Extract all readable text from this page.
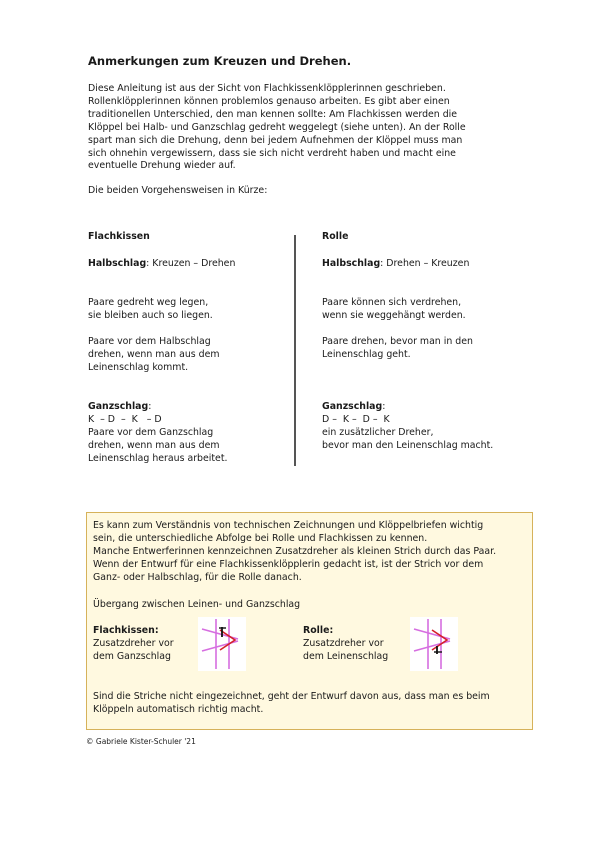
Anmerkungen zum Kreuzen und Drehen.
Diese Anleitung ist aus der Sicht von Flachkissenklöpplerinnen geschrieben.
Rollenklöpplerinnen können problemlos genauso arbeiten. Es gibt aber einen
traditionellen Unterschied, den man kennen sollte: Am Flachkissen werden die
Klöppel bei Halb- und Ganzschlag gedreht weggelegt (siehe unten). An der Rolle
spart man sich die Drehung, denn bei jedem Aufnehmen der Klöppel muss man
sich ohnehin vergewissern, dass sie sich nicht verdreht haben und macht eine
eventuelle Drehung wieder auf.

Die beiden Vorgehensweisen in Kürze:

Flachkissen
Halbschlag: Kreuzen – Drehen
Paare gedreht weg legen,
sie bleiben auch so liegen.
Paare vor dem Halbschlag
drehen, wenn man aus dem
Leinenschlag kommt.
Ganzschlag:
K  – D  –  K   – D
Paare vor dem Ganzschlag
drehen, wenn man aus dem
Leinenschlag heraus arbeitet.
Rolle
Halbschlag: Drehen – Kreuzen
Paare können sich verdrehen,
wenn sie weggehängt werden.
Paare drehen, bevor man in den
Leinenschlag geht.
Ganzschlag:
D –  K –  D –  K
ein zusätzlicher Dreher,
bevor man den Leinenschlag macht.
Es kann zum Verständnis von technischen Zeichnungen und Klöppelbriefen wichtig
sein, die unterschiedliche Abfolge bei Rolle und Flachkissen zu kennen.
Manche Entwerferinnen kennzeichnen Zusatzdreher als kleinen Strich durch das Paar.
Wenn der Entwurf für eine Flachkissenklöpplerin gedacht ist, ist der Strich vor dem
Ganz- oder Halbschlag, für die Rolle danach.
Übergang zwischen Leinen- und Ganzschlag
Flachkissen:
Zusatzdreher vor
dem Ganzschlag
Rolle:
Zusatzdreher vor
dem Leinenschlag
Sind die Striche nicht eingezeichnet, geht der Entwurf davon aus, dass man es beim
Klöppeln automatisch richtig macht.
© Gabriele Kister-Schuler '21
